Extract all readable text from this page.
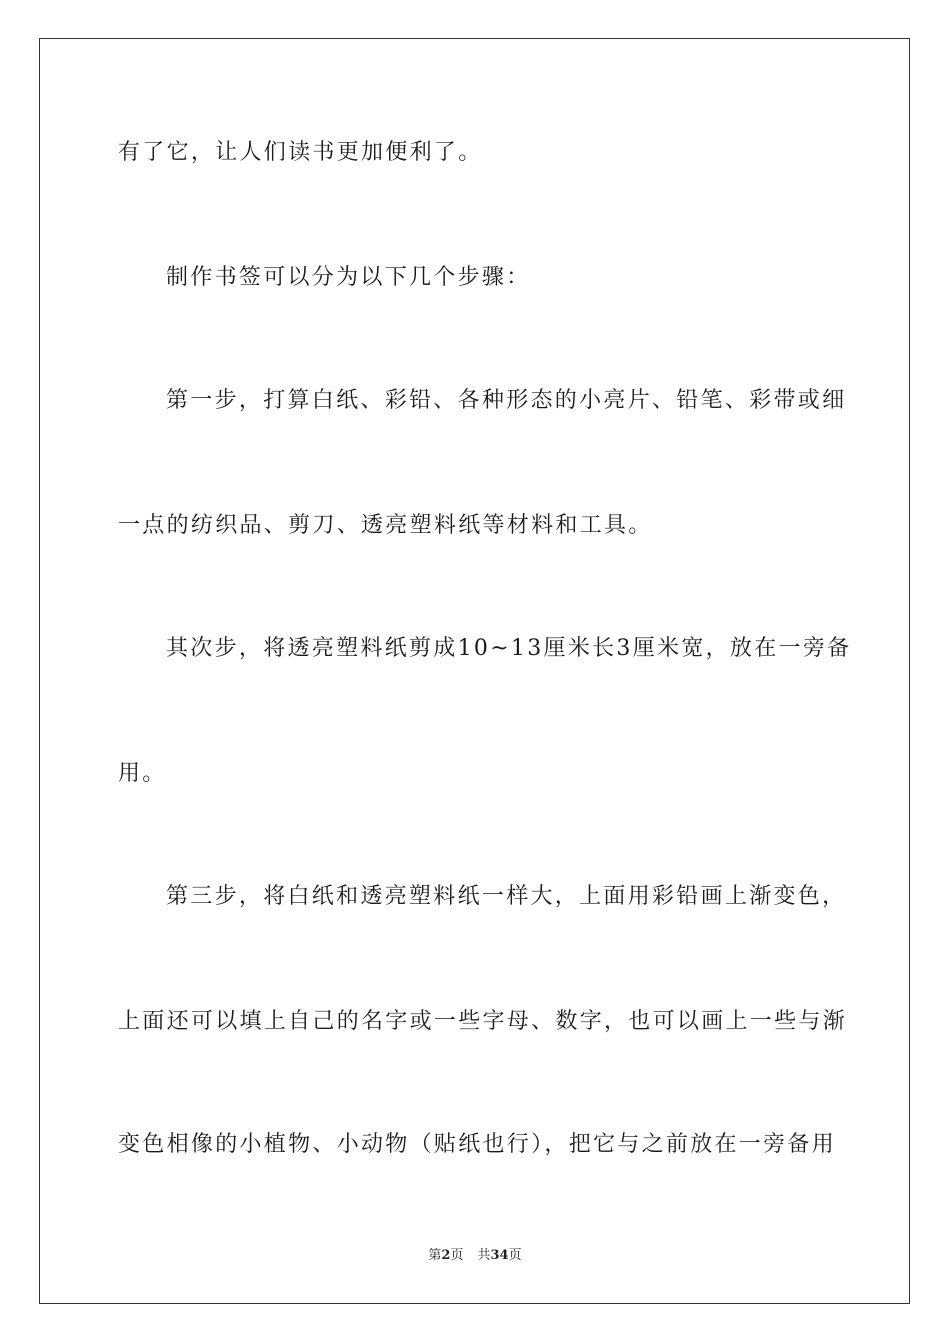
有了它，让人们读书更加便利了。
制作书签可以分为以下几个步骤：
第一步，打算白纸、彩铅、各种形态的小亮片、铅笔、彩带或细
一点的纺织品、剪刀、透亮塑料纸等材料和工具。
其次步，将透亮塑料纸剪成10~13厘米长3厘米宽，放在一旁备
用。
第三步，将白纸和透亮塑料纸一样大，上面用彩铅画上渐变色，
上面还可以填上自己的名字或一些字母、数字，也可以画上一些与渐
变色相像的小植物、小动物（贴纸也行），把它与之前放在一旁备用
第2页 共34页
